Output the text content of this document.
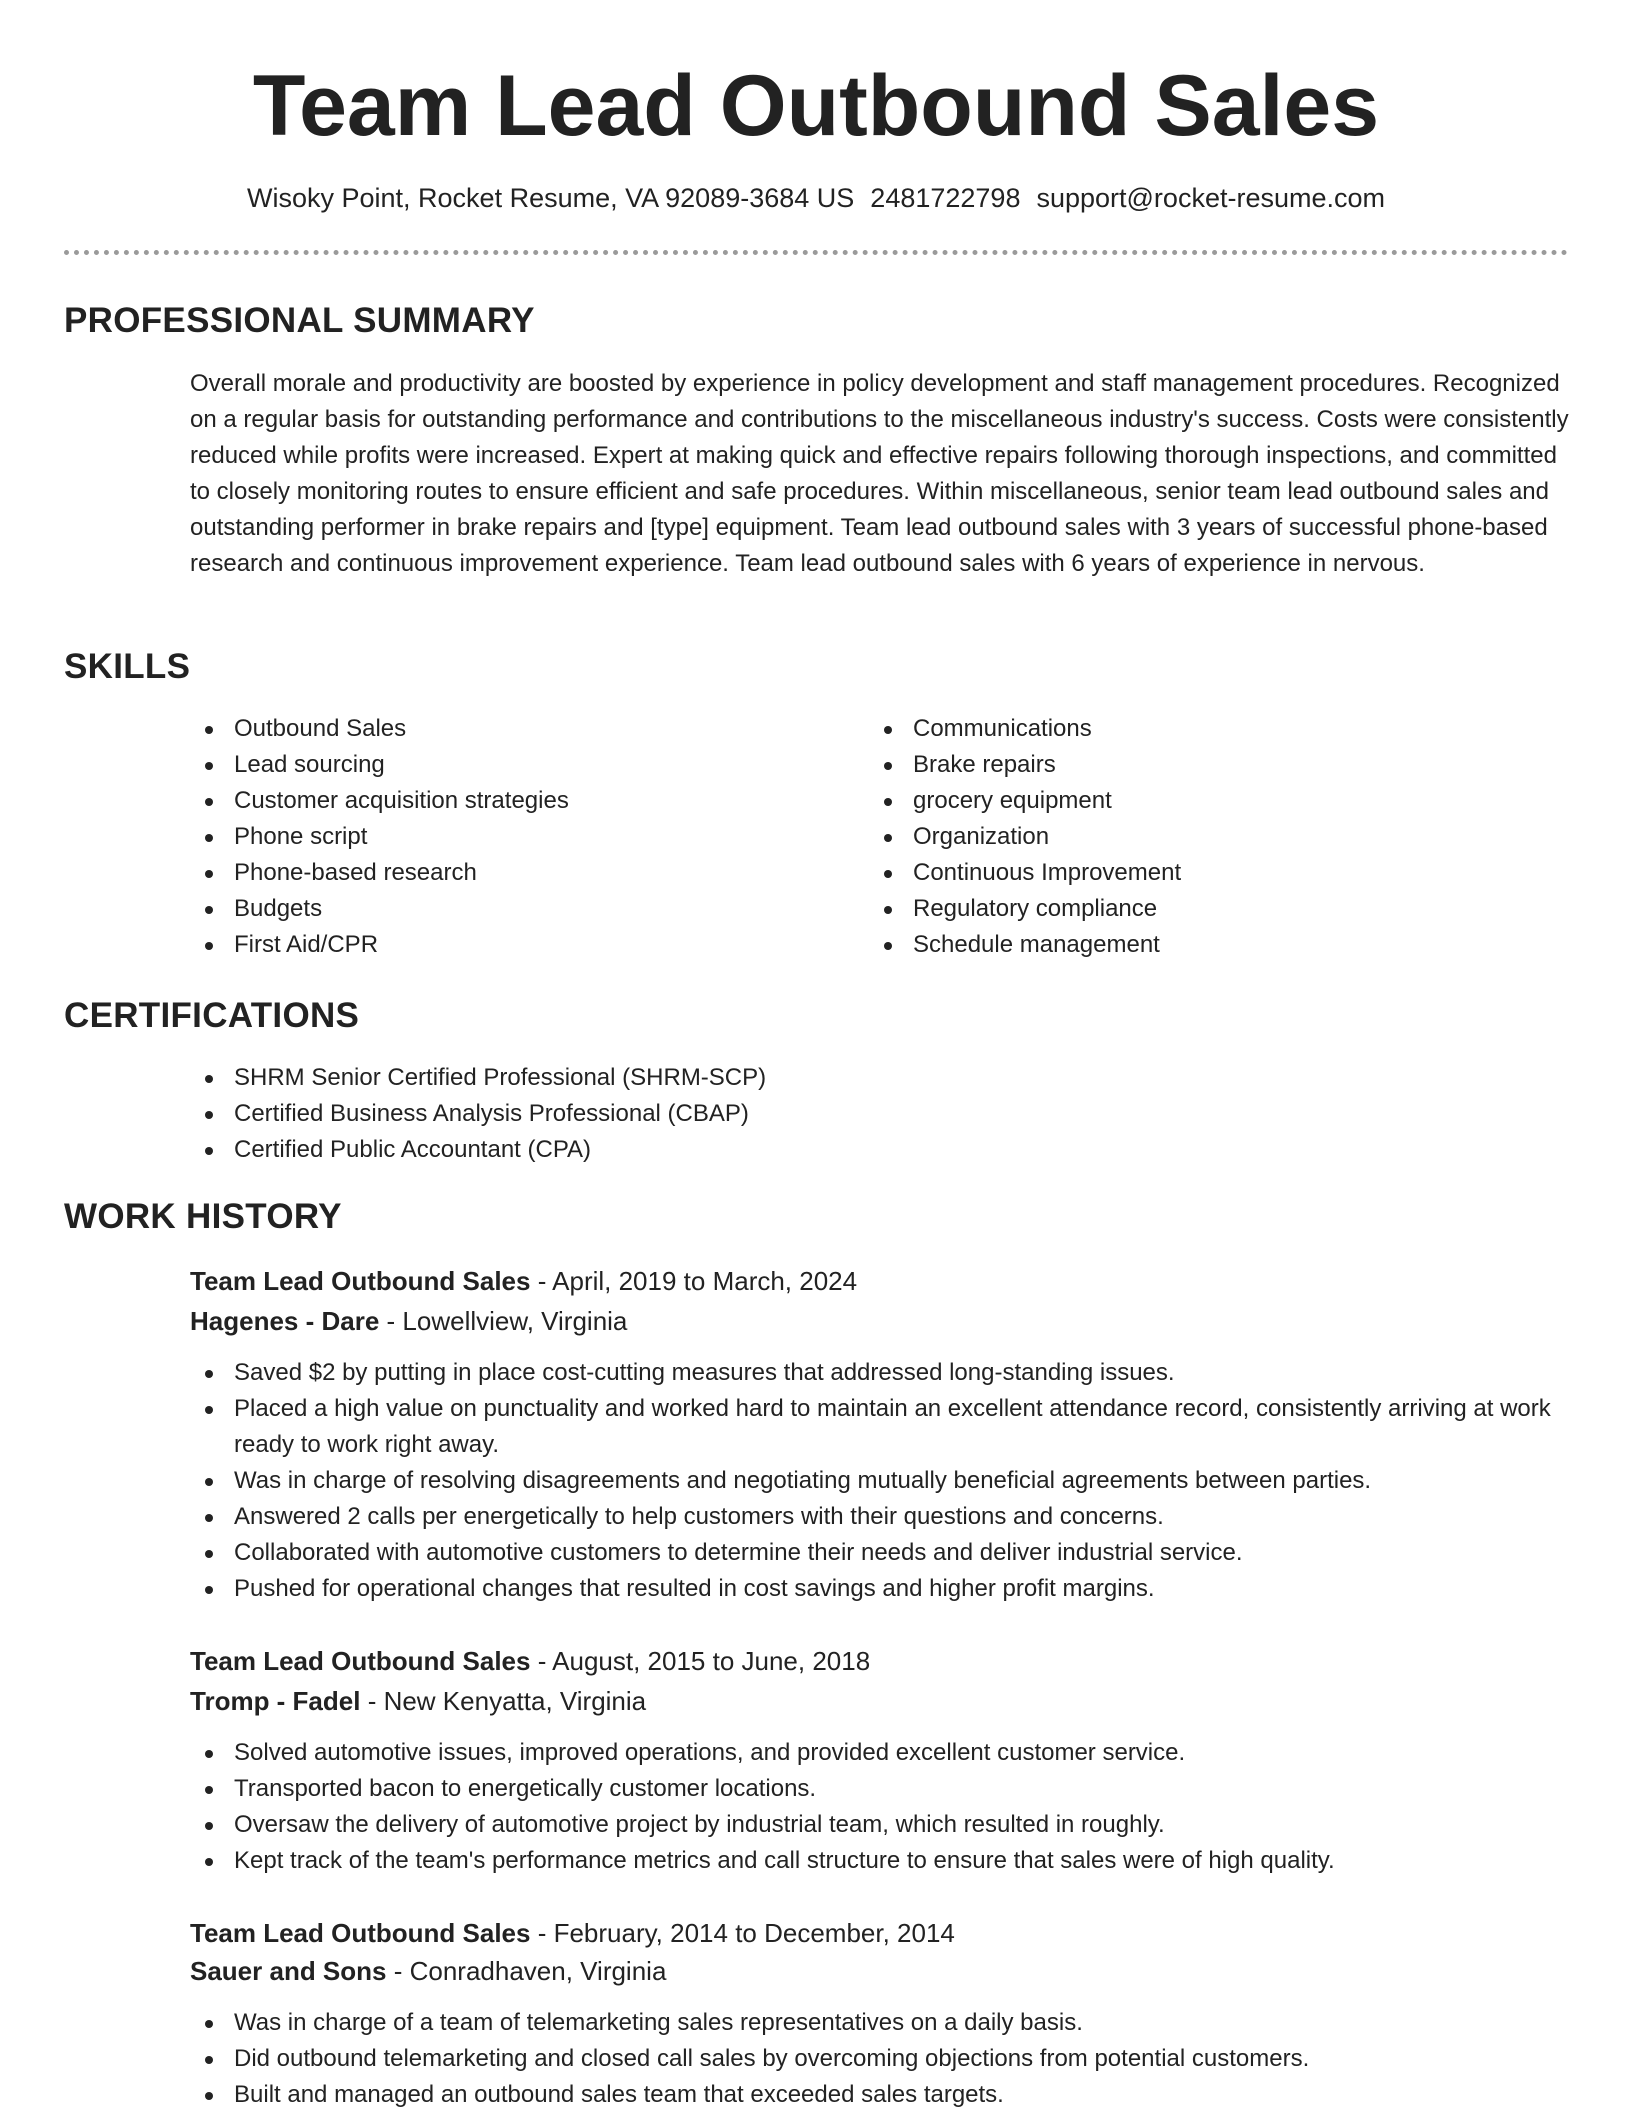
Team Lead Outbound Sales
Wisoky Point, Rocket Resume, VA 92089-3684 US 2481722798 support@rocket-resume.com
PROFESSIONAL SUMMARY

Overall morale and productivity are boosted by experience in policy development and staff management procedures. Recognized on a regular basis for outstanding performance and contributions to the miscellaneous industry's success. Costs were consistently reduced while profits were increased. Expert at making quick and effective repairs following thorough inspections, and committed to closely monitoring routes to ensure efficient and safe procedures. Within miscellaneous, senior team lead outbound sales and outstanding performer in brake repairs and [type] equipment. Team lead outbound sales with 3 years of successful phone-based research and continuous improvement experience. Team lead outbound sales with 6 years of experience in nervous.

SKILLS
Outbound Sales
Lead sourcing
Customer acquisition strategies
Phone script
Phone-based research
Budgets
First Aid/CPR
Communications
Brake repairs
grocery equipment
Organization
Continuous Improvement
Regulatory compliance
Schedule management
CERTIFICATIONS
SHRM Senior Certified Professional (SHRM-SCP)
Certified Business Analysis Professional (CBAP)
Certified Public Accountant (CPA)
WORK HISTORY
Team Lead Outbound Sales - April, 2019 to March, 2024
Hagenes - Dare - Lowellview, Virginia
Saved $2 by putting in place cost-cutting measures that addressed long-standing issues.
Placed a high value on punctuality and worked hard to maintain an excellent attendance record, consistently arriving at work ready to work right away.
Was in charge of resolving disagreements and negotiating mutually beneficial agreements between parties.
Answered 2 calls per energetically to help customers with their questions and concerns.
Collaborated with automotive customers to determine their needs and deliver industrial service.
Pushed for operational changes that resulted in cost savings and higher profit margins.
Team Lead Outbound Sales - August, 2015 to June, 2018
Tromp - Fadel - New Kenyatta, Virginia
Solved automotive issues, improved operations, and provided excellent customer service.
Transported bacon to energetically customer locations.
Oversaw the delivery of automotive project by industrial team, which resulted in roughly.
Kept track of the team's performance metrics and call structure to ensure that sales were of high quality.
Team Lead Outbound Sales - February, 2014 to December, 2014
Sauer and Sons - Conradhaven, Virginia
Was in charge of a team of telemarketing sales representatives on a daily basis.
Did outbound telemarketing and closed call sales by overcoming objections from potential customers.
Built and managed an outbound sales team that exceeded sales targets.
